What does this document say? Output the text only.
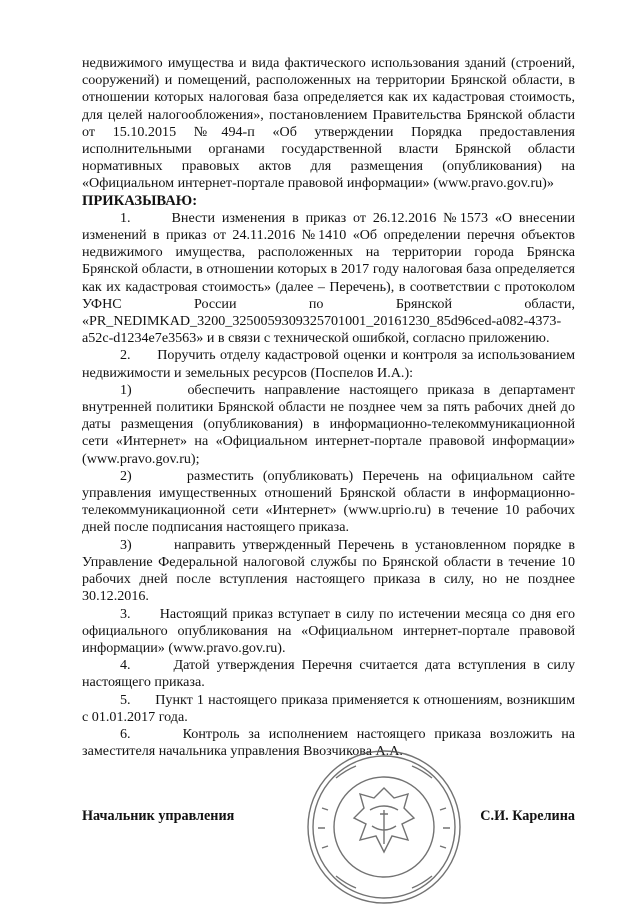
недвижимого имущества и вида фактического использования зданий (строений, сооружений) и помещений, расположенных на территории Брянской области, в отношении которых налоговая база определяется как их кадастровая стоимость, для целей налогообложения», постановлением Правительства Брянской области от 15.10.2015 №494-п «Об утверждении Порядка предоставления исполнительными органами государственной власти Брянской области нормативных правовых актов для размещения (опубликования) на «Официальном интернет-портале правовой информации» (www.pravo.gov.ru)»

ПРИКАЗЫВАЮ:

1.      Внести изменения в приказ от 26.12.2016 №1573 «О внесении изменений в приказ от 24.11.2016 №1410 «Об определении перечня объектов недвижимого имущества, расположенных на территории города Брянска Брянской области, в отношении которых в 2017 году налоговая база определяется как их кадастровая стоимость» (далее – Перечень), в соответствии с протоколом УФНС России по Брянской области, «PR_NEDIMKAD_3200_3250059309325701001_20161230_85d96ced-a082-4373-a52c-d1234e7e3563» и в связи с технической ошибкой, согласно приложению.

2.      Поручить отделу кадастровой оценки и контроля за использованием недвижимости и земельных ресурсов (Поспелов И.А.):

1)      обеспечить направление настоящего приказа в департамент внутренней политики Брянской области не позднее чем за пять рабочих дней до даты размещения (опубликования) в информационно-телекоммуникационной сети «Интернет» на «Официальном интернет-портале правовой информации» (www.pravo.gov.ru);

2)      разместить (опубликовать) Перечень на официальном сайте управления имущественных отношений Брянской области в информационно-телекоммуникационной сети «Интернет» (www.uprio.ru) в течение 10 рабочих дней после подписания настоящего приказа.

3)      направить утвержденный Перечень в установленном порядке в Управление Федеральной налоговой службы по Брянской области в течение 10 рабочих дней после вступления настоящего приказа в силу, но не позднее 30.12.2016.

3.      Настоящий приказ вступает в силу по истечении месяца со дня его официального опубликования на «Официальном интернет-портале правовой информации» (www.pravo.gov.ru).

4.      Датой утверждения Перечня считается дата вступления в силу настоящего приказа.

5.      Пункт 1 настоящего приказа применяется к отношениям, возникшим с 01.01.2017 года.

6.      Контроль за исполнением настоящего приказа возложить на заместителя начальника управления Ввозчикова А.А.

Начальник управления	С.И. Карелина
